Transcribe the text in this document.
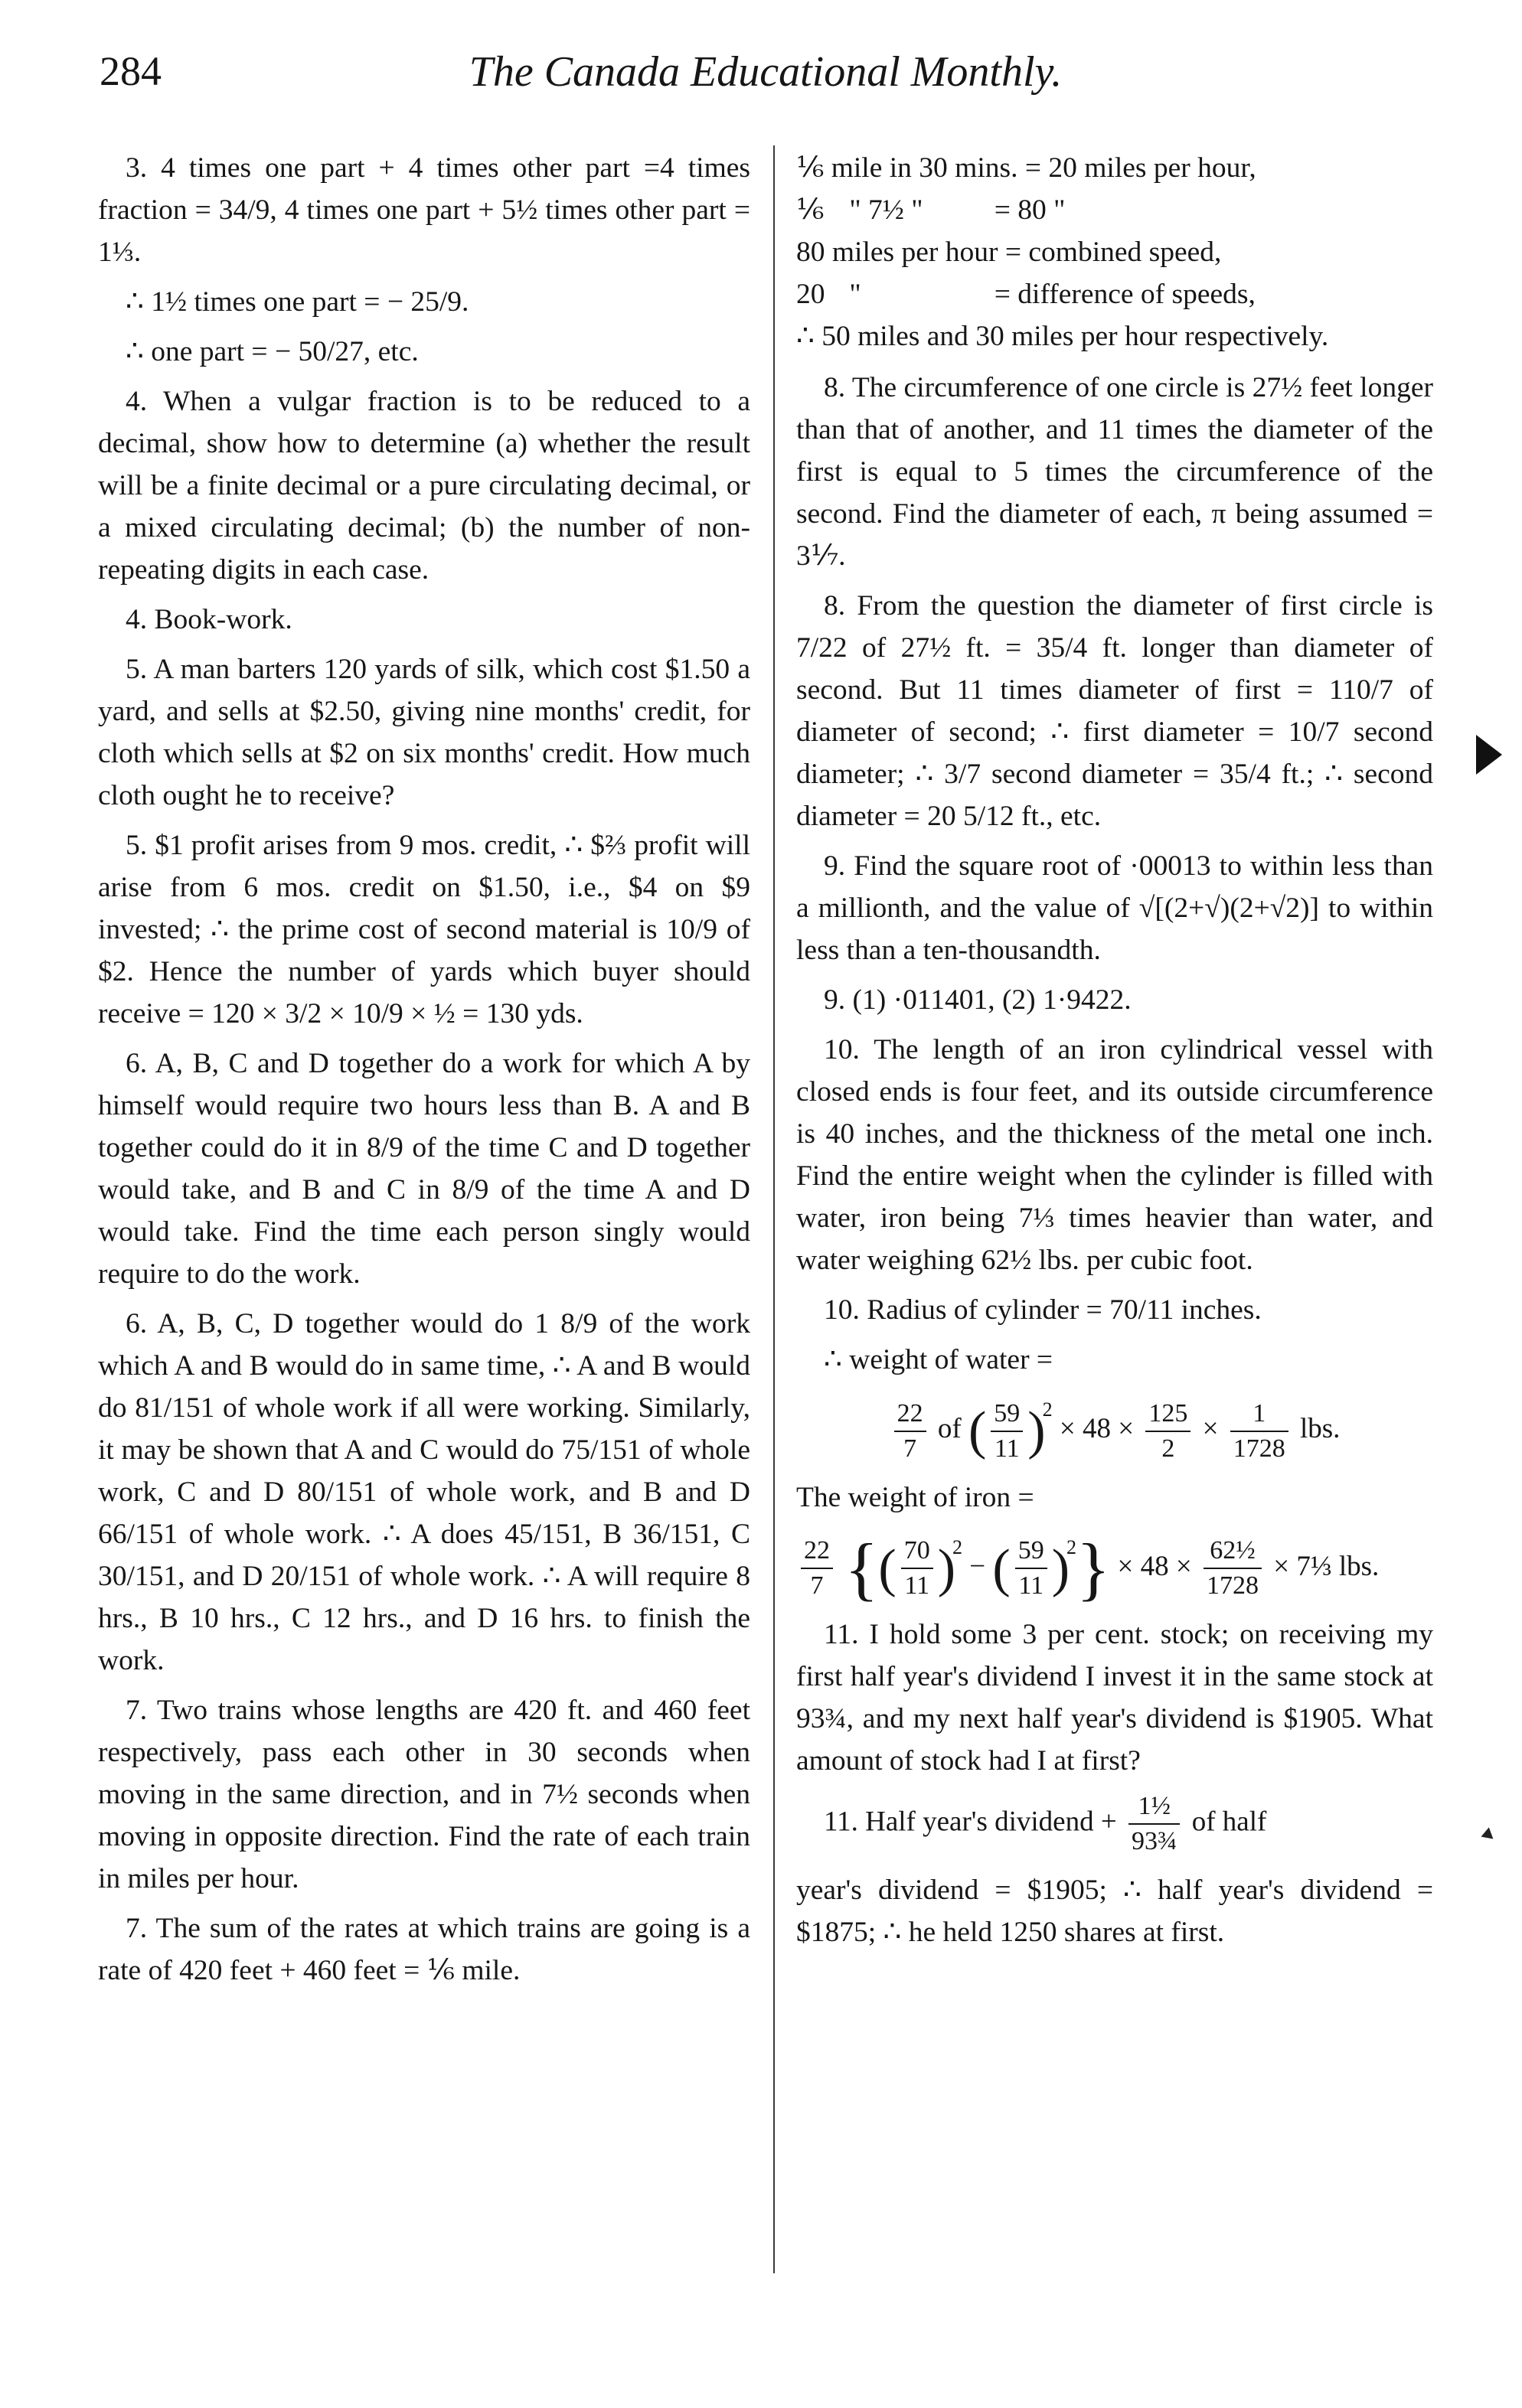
284	The Canada Educational Monthly.

3. 4 times one part + 4 times other part =4 times fraction = 34/9, 4 times one part + 5½ times other part = 1⅓.

∴ 1½ times one part = − 25/9.

∴ one part = − 50/27, etc.

4. When a vulgar fraction is to be reduced to a decimal, show how to determine (a) whether the result will be a finite decimal or a pure circulating decimal, or a mixed circulating decimal; (b) the number of non-repeating digits in each case.

4. Book-work.

5. A man barters 120 yards of silk, which cost $1.50 a yard, and sells at $2.50, giving nine months' credit, for cloth which sells at $2 on six months' credit. How much cloth ought he to receive?

5. $1 profit arises from 9 mos. credit, ∴ $⅔ profit will arise from 6 mos. credit on $1.50, i.e., $4 on $9 invested; ∴ the prime cost of second material is 10/9 of $2. Hence the number of yards which buyer should receive = 120 × 3/2 × 10/9 × ½ = 130 yds.

6. A, B, C and D together do a work for which A by himself would require two hours less than B. A and B together could do it in 8/9 of the time C and D together would take, and B and C in 8/9 of the time A and D would take. Find the time each person singly would require to do the work.

6. A, B, C, D together would do 1 8/9 of the work which A and B would do in same time, ∴ A and B would do 81/151 of whole work if all were working. Similarly, it may be shown that A and C would do 75/151 of whole work, C and D 80/151 of whole work, and B and D 66/151 of whole work. ∴ A does 45/151, B 36/151, C 30/151, and D 20/151 of whole work. ∴ A will require 8 hrs., B 10 hrs., C 12 hrs., and D 16 hrs. to finish the work.

7. Two trains whose lengths are 420 ft. and 460 feet respectively, pass each other in 30 seconds when moving in the same direction, and in 7½ seconds when moving in opposite direction. Find the rate of each train in miles per hour.

7. The sum of the rates at which trains are going is a rate of 420 feet + 460 feet = ⅙ mile.

⅙ mile in 30 mins. = 20 miles per hour,
⅙ " 7½ " = 80 "
80 miles per hour = combined speed,
20 "	= difference of speeds,
∴ 50 miles and 30 miles per hour respectively.

8. The circumference of one circle is 27½ feet longer than that of another, and 11 times the diameter of the first is equal to 5 times the circumference of the second. Find the diameter of each, π being assumed = 3⅐.

8. From the question the diameter of first circle is 7/22 of 27½ ft. = 35/4 ft. longer than diameter of second. But 11 times diameter of first = 110/7 of diameter of second; ∴ first diameter = 10/7 second diameter; ∴ 3/7 second diameter = 35/4 ft.; ∴ second diameter = 20 5/12 ft., etc.

9. Find the square root of ·00013 to within less than a millionth, and the value of √[(2+√)(2+√2)] to within less than a ten-thousandth.

9. (1) ·011401, (2) 1·9422.

10. The length of an iron cylindrical vessel with closed ends is four feet, and its outside circumference is 40 inches, and the thickness of the metal one inch. Find the entire weight when the cylinder is filled with water, iron being 7⅓ times heavier than water, and water weighing 62½ lbs. per cubic foot.

10. Radius of cylinder = 70/11 inches.

∴ weight of water =

$\frac{22}{7}$ of ( $\frac{59}{11} )^2 \times 48 \times \frac{125}{2} \times \frac{1}{1728}$ lbs.

The weight of iron =

$\frac{22}{7}$ {( $\frac{70}{11} )^2$ − ( $\frac{59}{11} )^2\} \times 48 \times \frac{\text{62½}}{1728}$ × 7⅓ lbs.

11. I hold some 3 per cent. stock; on receiving my first half year's dividend I invest it in the same stock at 93¾, and my next half year's dividend is $1905. What amount of stock had I at first?

11. Half year's dividend + $\frac{\text{1½}}{\text{93¾}}$ of half

year's dividend = $1905; ∴ half year's dividend = $1875; ∴ he held 1250 shares at first.
